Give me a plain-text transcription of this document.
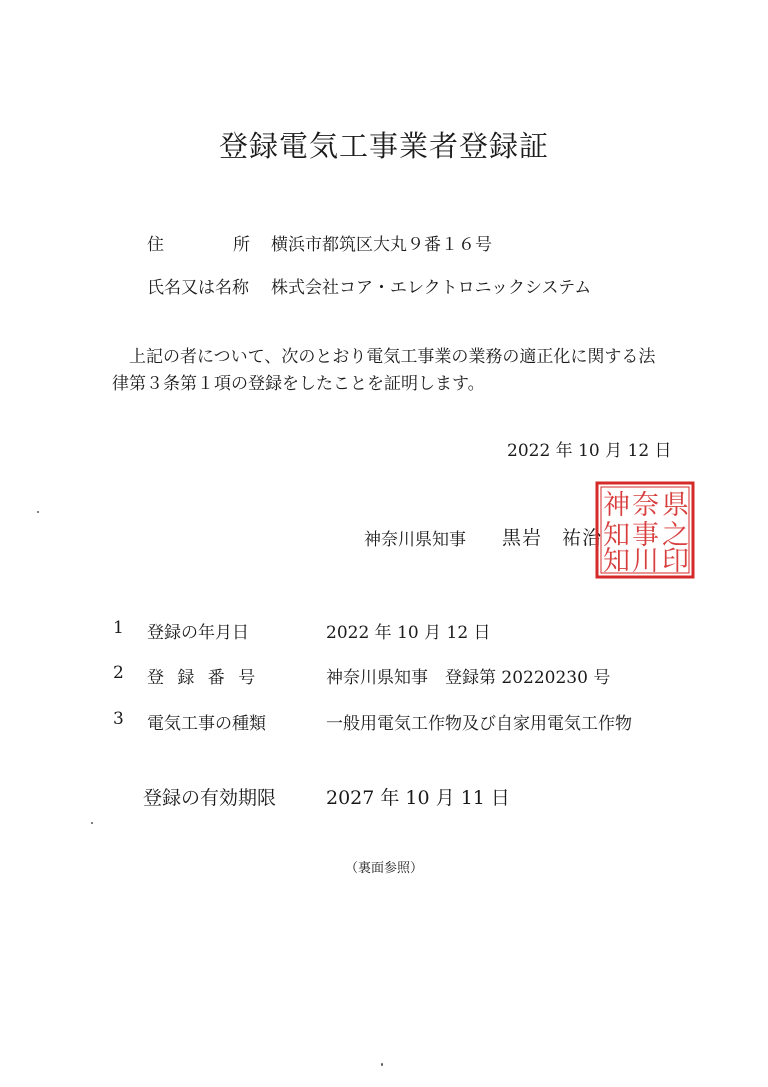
登録電気工事業者登録証
住	所 横浜市都筑区大丸９番１６号
氏名又は名称 株式会社コア・エレクトロニックシステム
上記の者について、次のとおり電気工事業の業務の適正化に関する法律第３条第１項の登録をしたことを証明します。
2022 年 10 月 12 日
神奈川県知事 黒岩　祐治
県
之
印
奈
事
川
神
知
知
1 登録の年月日	2022 年 10 月 12 日
2 登 録 番 号	神奈川県知事　登録第 20220230 号
3 電気工事の種類	一般用電気工作物及び自家用電気工作物
登録の有効期限	2027 年 10 月 11 日
（裏面参照）
